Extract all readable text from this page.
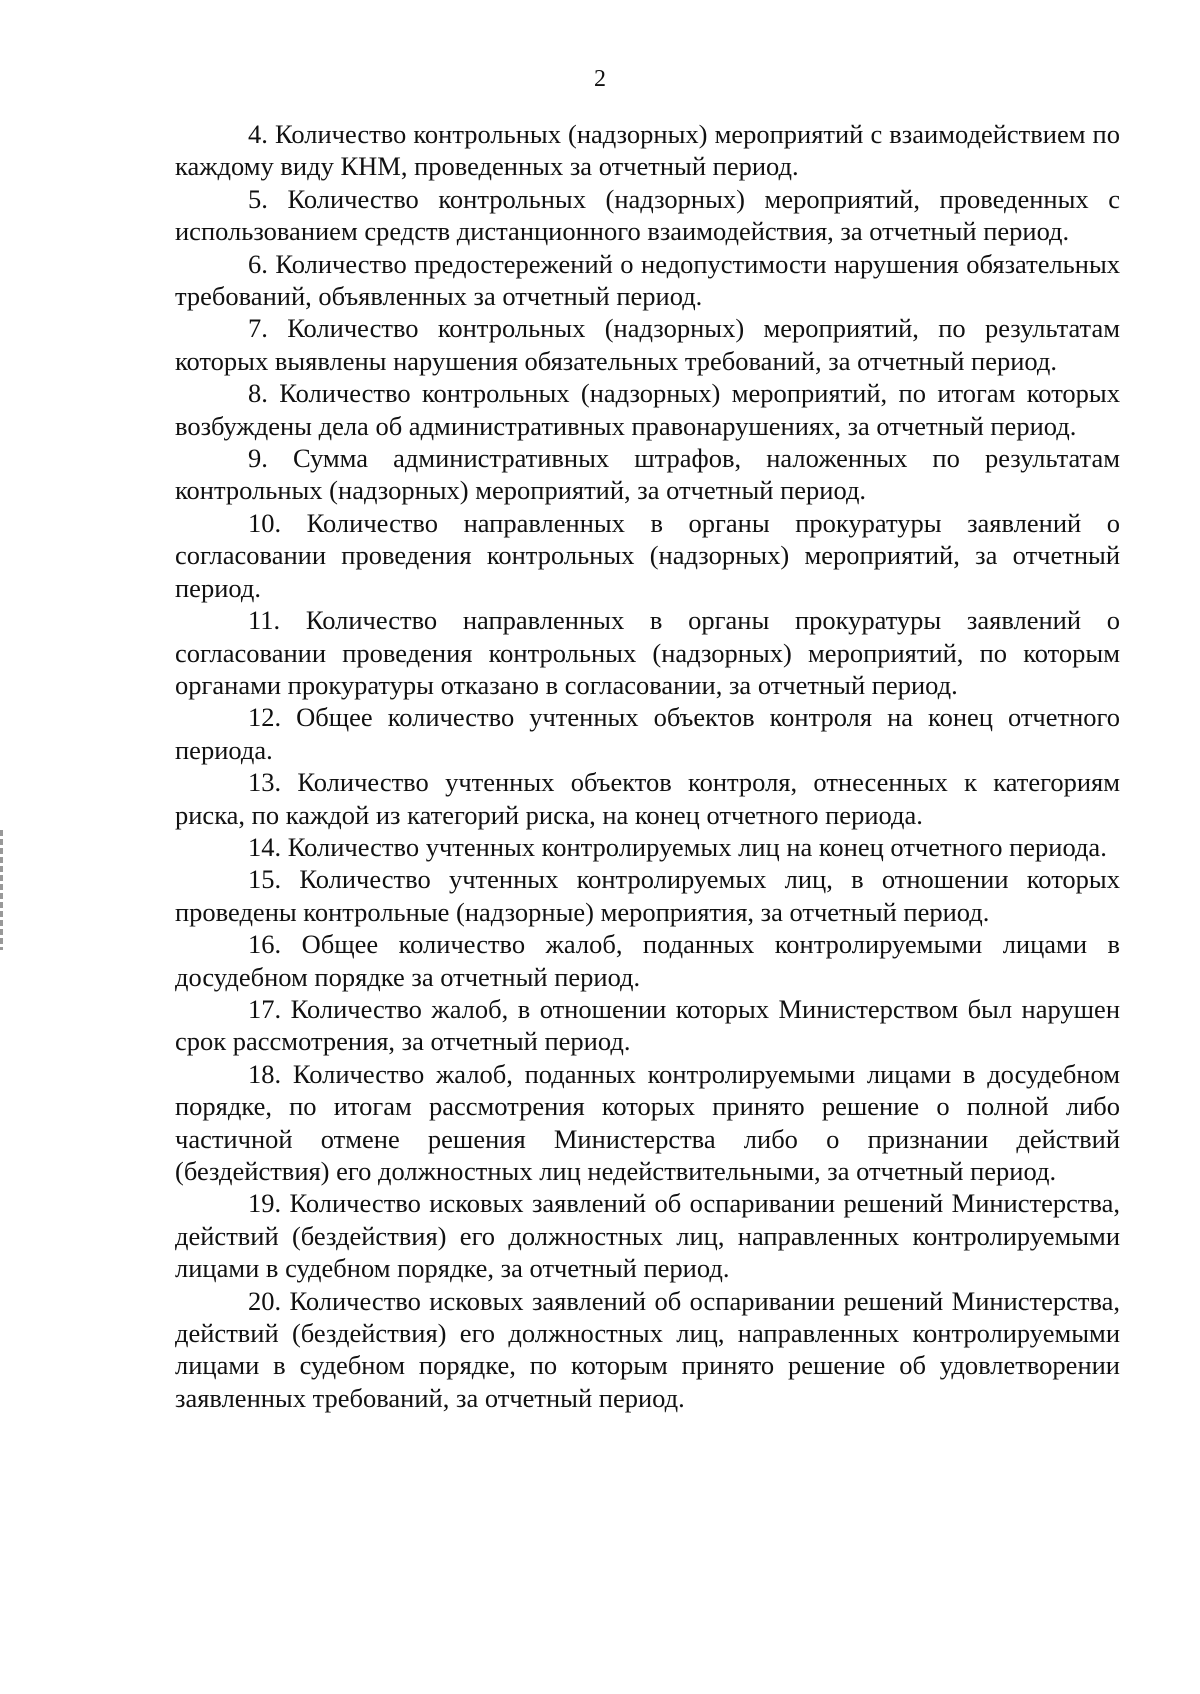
2

4. Количество контрольных (надзорных) мероприятий с взаимодействием по каждому виду КНМ, проведенных за отчетный период.

5. Количество контрольных (надзорных) мероприятий, проведенных с использованием средств дистанционного взаимодействия, за отчетный период.

6. Количество предостережений о недопустимости нарушения обязательных требований, объявленных за отчетный период.

7. Количество контрольных (надзорных) мероприятий, по результатам которых выявлены нарушения обязательных требований, за отчетный период.

8. Количество контрольных (надзорных) мероприятий, по итогам которых возбуждены дела об административных правонарушениях, за отчетный период.

9. Сумма административных штрафов, наложенных по результатам контрольных (надзорных) мероприятий, за отчетный период.

10. Количество направленных в органы прокуратуры заявлений о согласовании проведения контрольных (надзорных) мероприятий, за отчетный период.

11. Количество направленных в органы прокуратуры заявлений о согласовании проведения контрольных (надзорных) мероприятий, по которым органами прокуратуры отказано в согласовании, за отчетный период.

12. Общее количество учтенных объектов контроля на конец отчетного периода.

13. Количество учтенных объектов контроля, отнесенных к категориям риска, по каждой из категорий риска, на конец отчетного периода.

14. Количество учтенных контролируемых лиц на конец отчетного периода.

15. Количество учтенных контролируемых лиц, в отношении которых проведены контрольные (надзорные) мероприятия, за отчетный период.

16. Общее количество жалоб, поданных контролируемыми лицами в досудебном порядке за отчетный период.

17. Количество жалоб, в отношении которых Министерством был нарушен срок рассмотрения, за отчетный период.

18. Количество жалоб, поданных контролируемыми лицами в досудебном порядке, по итогам рассмотрения которых принято решение о полной либо частичной отмене решения Министерства либо о признании действий (бездействия) его должностных лиц недействительными, за отчетный период.

19. Количество исковых заявлений об оспаривании решений Министерства, действий (бездействия) его должностных лиц, направленных контролируемыми лицами в судебном порядке, за отчетный период.

20. Количество исковых заявлений об оспаривании решений Министерства, действий (бездействия) его должностных лиц, направленных контролируемыми лицами в судебном порядке, по которым принято решение об удовлетворении заявленных требований, за отчетный период.
